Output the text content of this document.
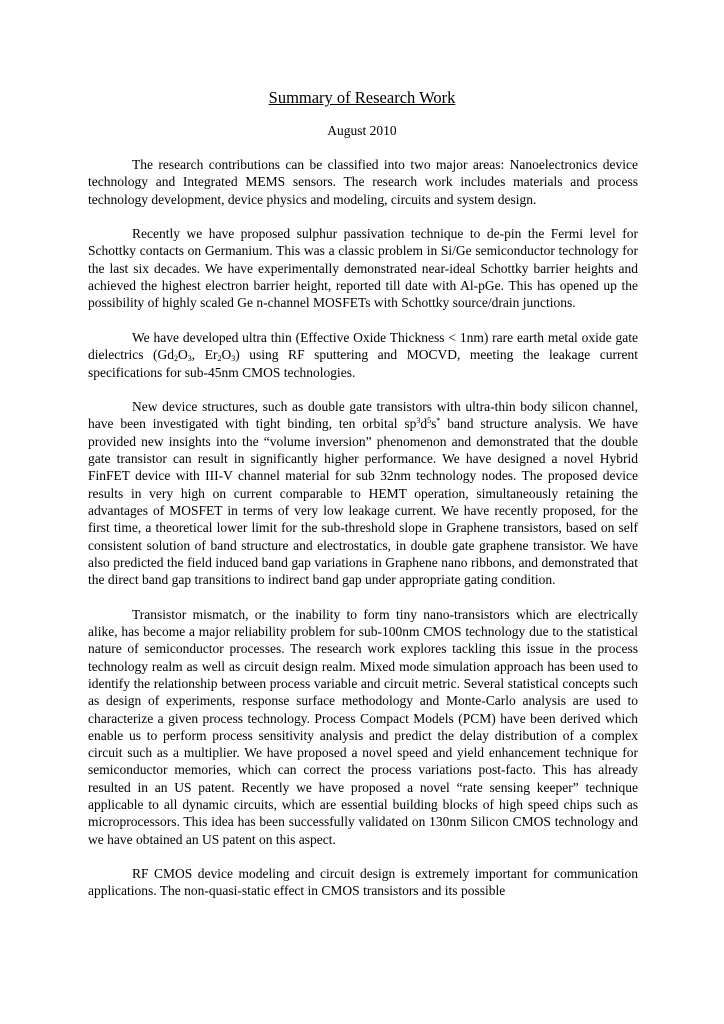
Summary of Research Work
August 2010

The research contributions can be classified into two major areas: Nanoelectronics device technology and Integrated MEMS sensors. The research work includes materials and process technology development, device physics and modeling, circuits and system design.

Recently we have proposed sulphur passivation technique to de-pin the Fermi level for Schottky contacts on Germanium. This was a classic problem in Si/Ge semiconductor technology for the last six decades. We have experimentally demonstrated near-ideal Schottky barrier heights and achieved the highest electron barrier height, reported till date with Al-pGe. This has opened up the possibility of highly scaled Ge n-channel MOSFETs with Schottky source/drain junctions.

We have developed ultra thin (Effective Oxide Thickness < 1nm) rare earth metal oxide gate dielectrics ($Gd_2O_3$, $Er_2O_3$) using RF sputtering and MOCVD, meeting the leakage current specifications for sub-45nm CMOS technologies.

New device structures, such as double gate transistors with ultra-thin body silicon channel, have been investigated with tight binding, ten orbital $sp^3d^5s^*$ band structure analysis. We have provided new insights into the “volume inversion” phenomenon and demonstrated that the double gate transistor can result in significantly higher performance. We have designed a novel Hybrid FinFET device with III-V channel material for sub 32nm technology nodes. The proposed device results in very high on current comparable to HEMT operation, simultaneously retaining the advantages of MOSFET in terms of very low leakage current. We have recently proposed, for the first time, a theoretical lower limit for the sub-threshold slope in Graphene transistors, based on self consistent solution of band structure and electrostatics, in double gate graphene transistor. We have also predicted the field induced band gap variations in Graphene nano ribbons, and demonstrated that the direct band gap transitions to indirect band gap under appropriate gating condition.

Transistor mismatch, or the inability to form tiny nano-transistors which are electrically alike, has become a major reliability problem for sub-100nm CMOS technology due to the statistical nature of semiconductor processes. The research work explores tackling this issue in the process technology realm as well as circuit design realm. Mixed mode simulation approach has been used to identify the relationship between process variable and circuit metric. Several statistical concepts such as design of experiments, response surface methodology and Monte-Carlo analysis are used to characterize a given process technology. Process Compact Models (PCM) have been derived which enable us to perform process sensitivity analysis and predict the delay distribution of a complex circuit such as a multiplier. We have proposed a novel speed and yield enhancement technique for semiconductor memories, which can correct the process variations post-facto. This has already resulted in an US patent. Recently we have proposed a novel “rate sensing keeper” technique applicable to all dynamic circuits, which are essential building blocks of high speed chips such as microprocessors. This idea has been successfully validated on 130nm Silicon CMOS technology and we have obtained an US patent on this aspect.

RF CMOS device modeling and circuit design is extremely important for communication applications. The non-quasi-static effect in CMOS transistors and its possible
